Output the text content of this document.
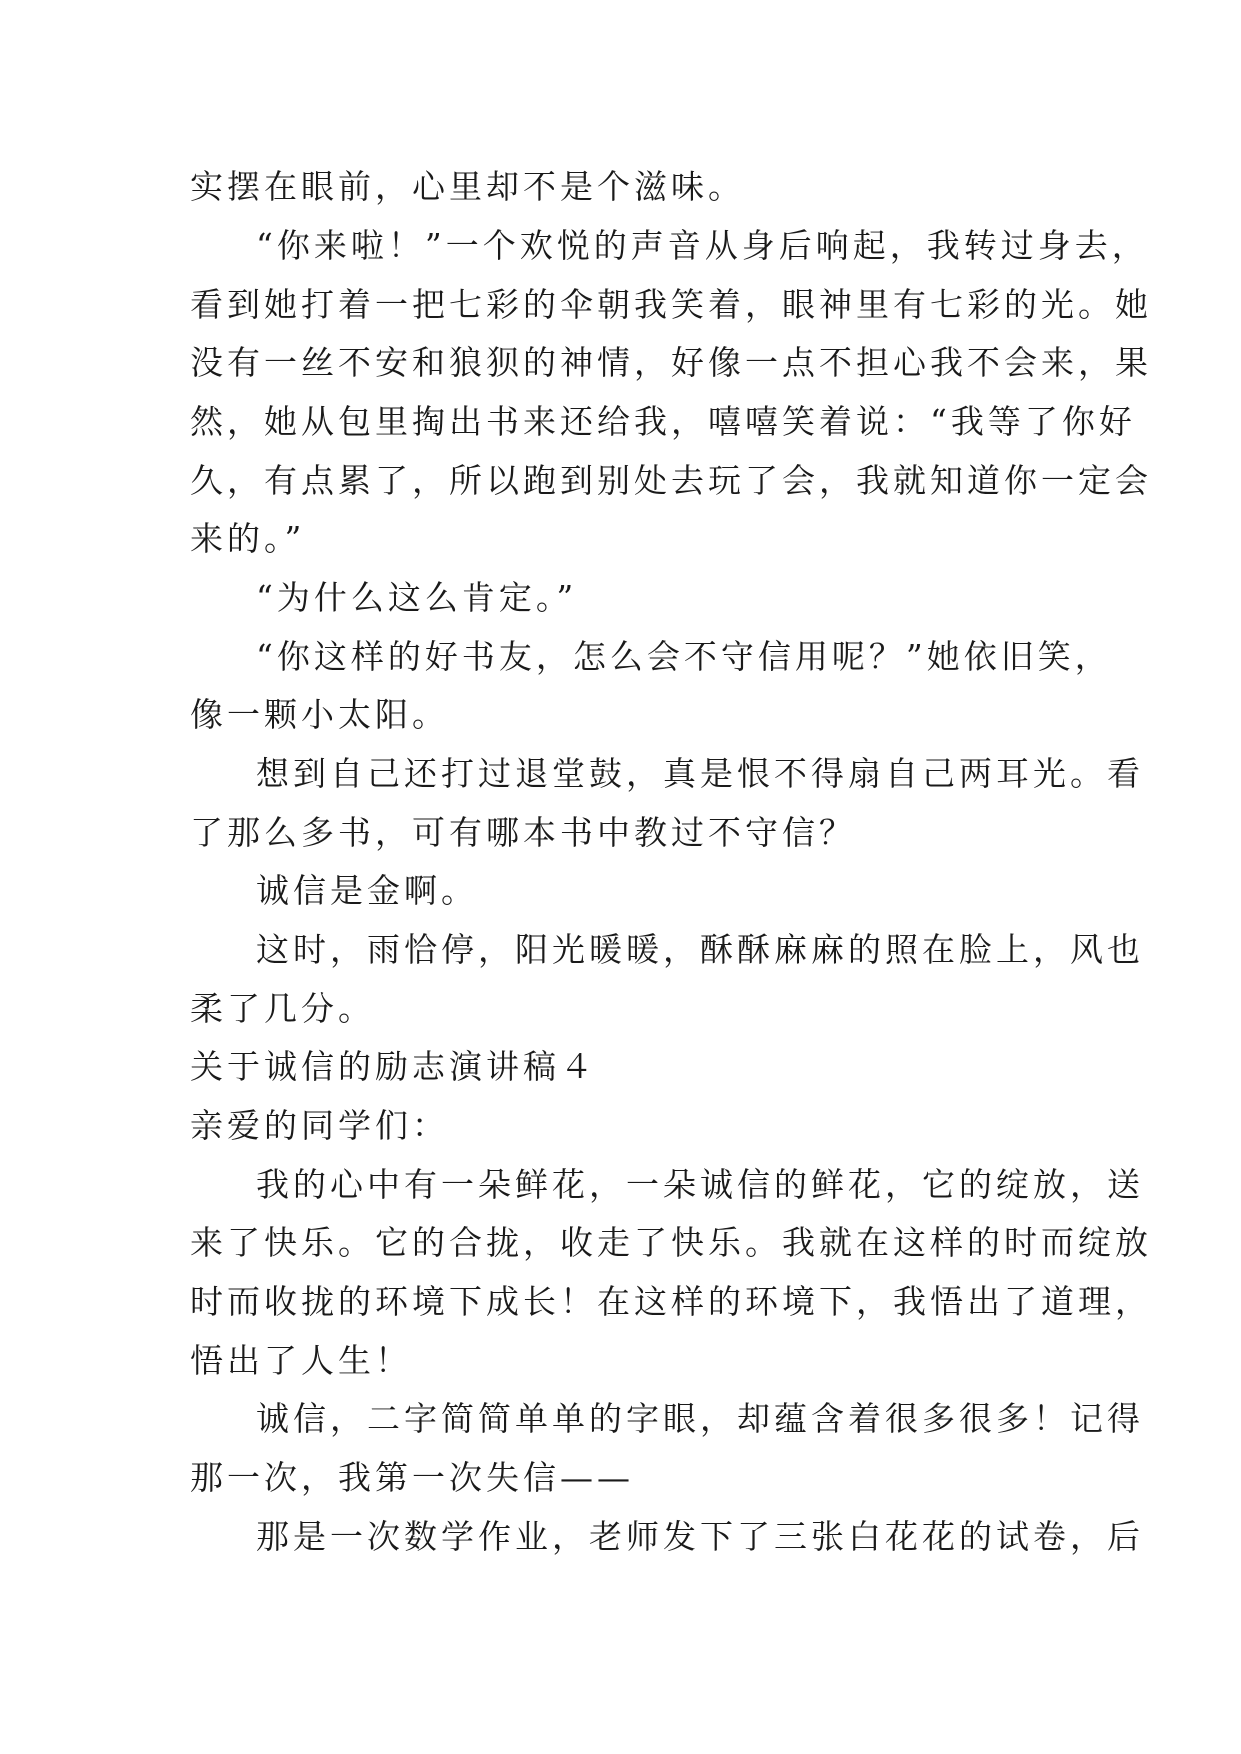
实摆在眼前，心里却不是个滋味。
“你来啦！”一个欢悦的声音从身后响起，我转过身去，
看到她打着一把七彩的伞朝我笑着，眼神里有七彩的光。她
没有一丝不安和狼狈的神情，好像一点不担心我不会来，果
然，她从包里掏出书来还给我，嘻嘻笑着说：“我等了你好
久，有点累了，所以跑到别处去玩了会，我就知道你一定会
来的。”
“为什么这么肯定。”
“你这样的好书友，怎么会不守信用呢？”她依旧笑，
像一颗小太阳。
想到自己还打过退堂鼓，真是恨不得扇自己两耳光。看
了那么多书，可有哪本书中教过不守信？
诚信是金啊。
这时，雨恰停，阳光暖暖，酥酥麻麻的照在脸上，风也
柔了几分。
关于诚信的励志演讲稿４
亲爱的同学们：
我的心中有一朵鲜花，一朵诚信的鲜花，它的绽放，送
来了快乐。它的合拢，收走了快乐。我就在这样的时而绽放
时而收拢的环境下成长！在这样的环境下，我悟出了道理，
悟出了人生！
诚信，二字简简单单的字眼，却蕴含着很多很多！记得
那一次，我第一次失信——
那是一次数学作业，老师发下了三张白花花的试卷，后
